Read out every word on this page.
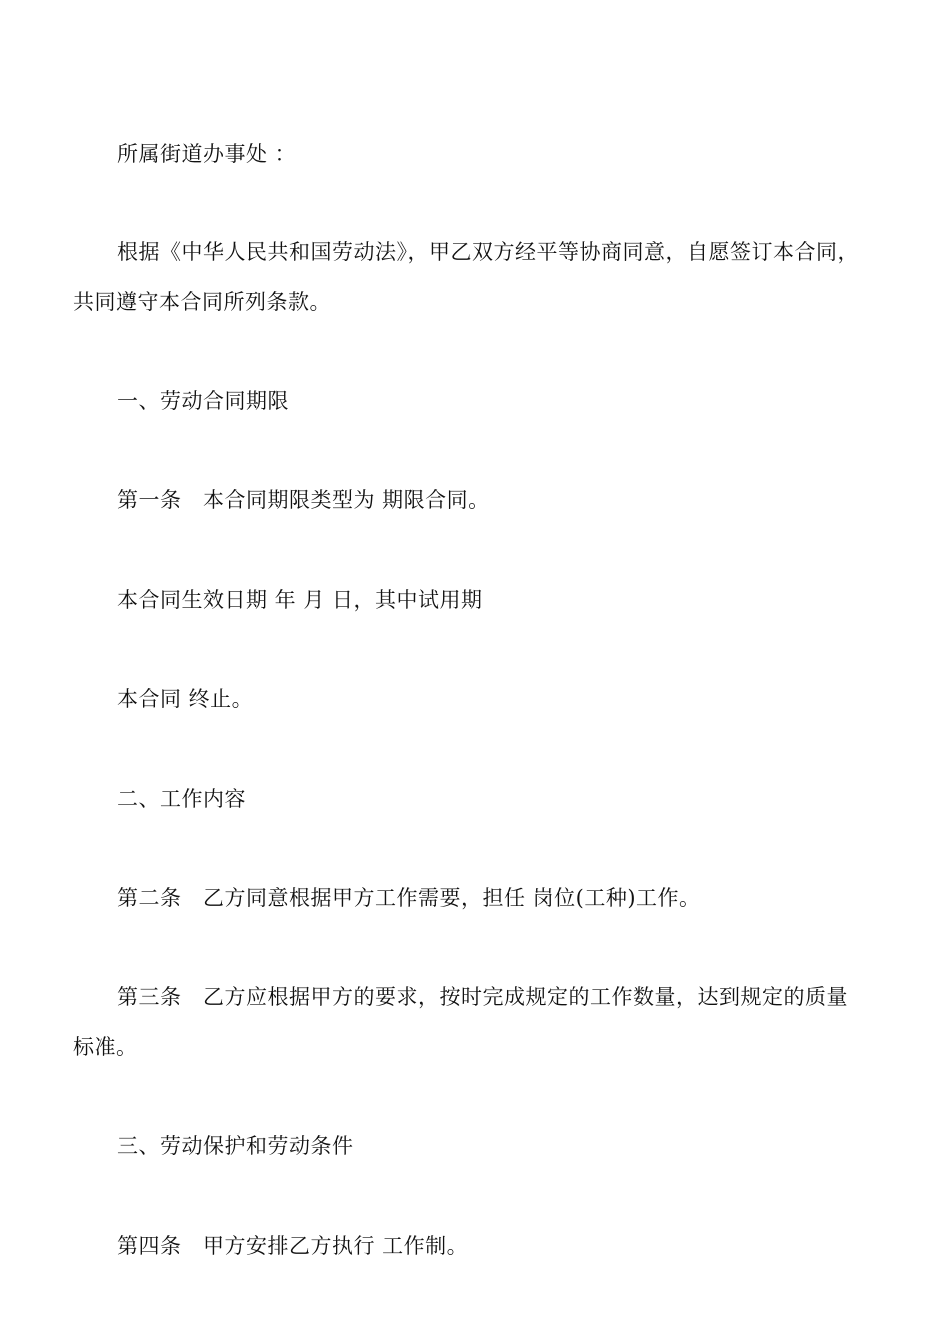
所属街道办事处 ：
根据《中华人民共和国劳动法》，甲乙双方经平等协商同意，自愿签订本合同，
共同遵守本合同所列条款。
一、劳动合同期限
第一条　本合同期限类型为 期限合同。
本合同生效日期 年 月 日，其中试用期
本合同 终止。
二、工作内容
第二条　乙方同意根据甲方工作需要，担任 岗位(工种)工作。
第三条　乙方应根据甲方的要求，按时完成规定的工作数量，达到规定的质量
标准。
三、劳动保护和劳动条件
第四条　甲方安排乙方执行 工作制。
